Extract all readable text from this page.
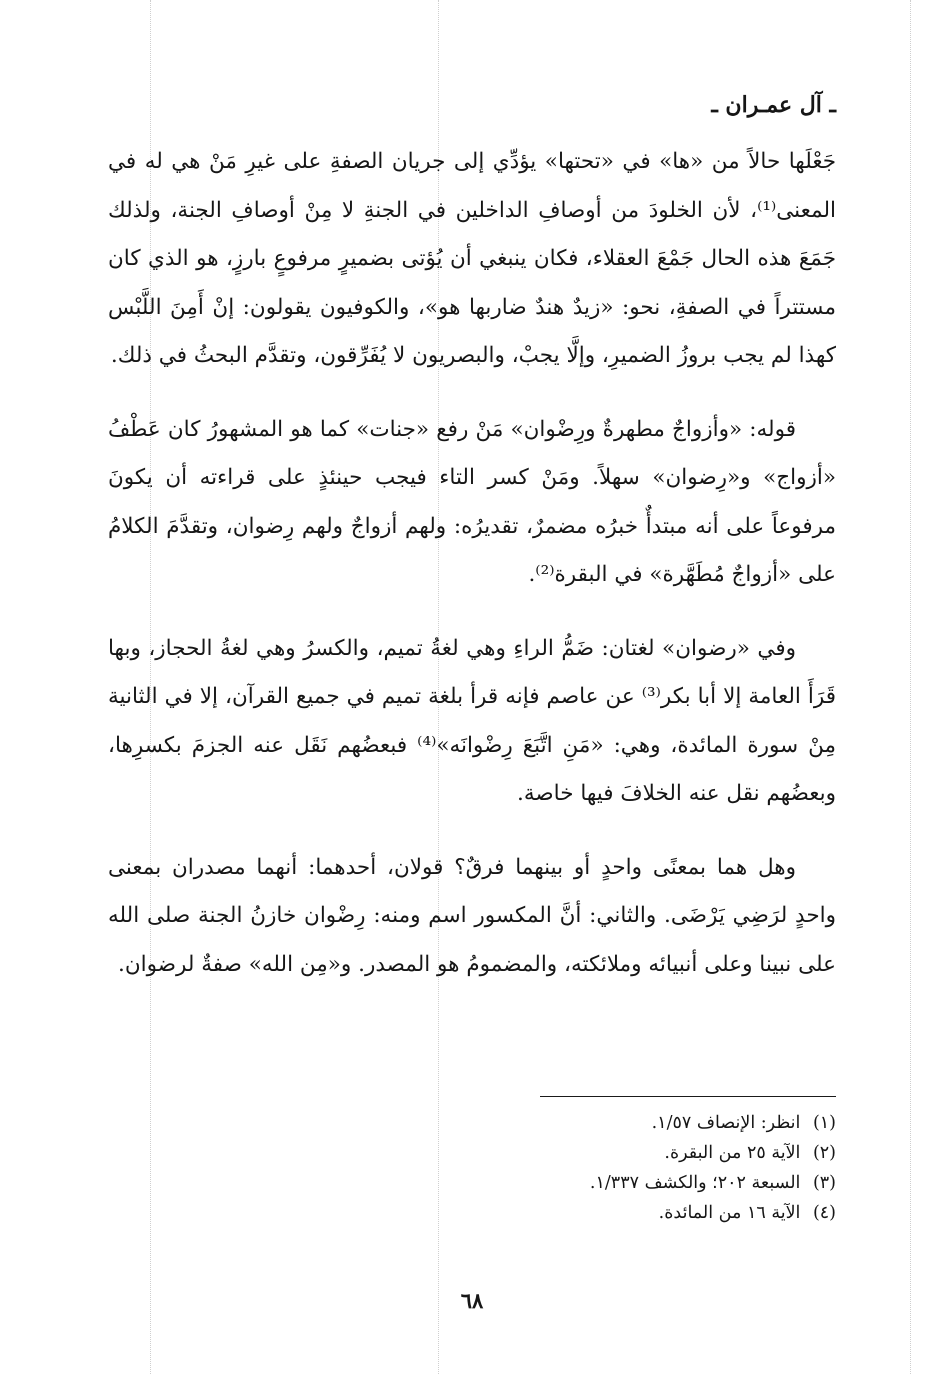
ـ آل عمـران ـ

جَعْلَها حالاً من «ها» في «تحتها» يؤدِّي إلى جريان الصفةِ على غيرِ مَنْ هي له في المعنى⁽¹⁾، لأن الخلودَ من أوصافِ الداخلين في الجنةِ لا مِنْ أوصافِ الجنة، ولذلك جَمَعَ هذه الحال جَمْعَ العقلاء، فكان ينبغي أن يُؤتى بضميرٍ مرفوعٍ بارزٍ، هو الذي كان مستتراً في الصفةِ، نحو: «زيدٌ هندٌ ضاربها هو»، والكوفيون يقولون: إنْ أَمِنَ اللَّبْس كهذا لم يجب بروزُ الضميرِ، وإلَّا يجبْ، والبصريون لا يُفَرِّقون، وتقدَّم البحثُ في ذلك.

قوله: «وأزواجٌ مطهرةٌ ورِضْوان» مَنْ رفع «جنات» كما هو المشهورُ كان عَطْفُ «أزواج» و«رِضوان» سهلاً. ومَنْ كسر التاء فيجب حينئذٍ على قراءته أن يكونَ مرفوعاً على أنه مبتدأٌ خبرُه مضمرٌ، تقديرُه: ولهم أزواجٌ ولهم رِضوان، وتقدَّمَ الكلامُ على «أزواجٌ مُطَهَّرة» في البقرة⁽²⁾.

وفي «رضوان» لغتان: ضَمُّ الراءِ وهي لغةُ تميم، والكسرُ وهي لغةُ الحجاز، وبها قَرَأَ العامة إلا أبا بكر⁽³⁾ عن عاصم فإنه قرأ بلغة تميم في جميع القرآن، إلا في الثانية مِنْ سورة المائدة، وهي: «مَنِ اتَّبَعَ رِضْوانَه»⁽⁴⁾ فبعضُهم نَقَل عنه الجزمَ بكسرِها، وبعضُهم نقل عنه الخلافَ فيها خاصة.

وهل هما بمعنًى واحدٍ أو بينهما فرقٌ؟ قولان، أحدهما: أنهما مصدران بمعنى واحدٍ لرَضِي يَرْضَى. والثاني: أنَّ المكسور اسم ومنه: رِضْوان خازنُ الجنة صلى الله على نبينا وعلى أنبيائه وملائكته، والمضمومُ هو المصدر. و«مِن الله» صفةٌ لرضوان.

(١) انظر: الإنصاف ١/٥٧.
(٢) الآية ٢٥ من البقرة.
(٣) السبعة ٢٠٢؛ والكشف ١/٣٣٧.
(٤) الآية ١٦ من المائدة.
٦٨
